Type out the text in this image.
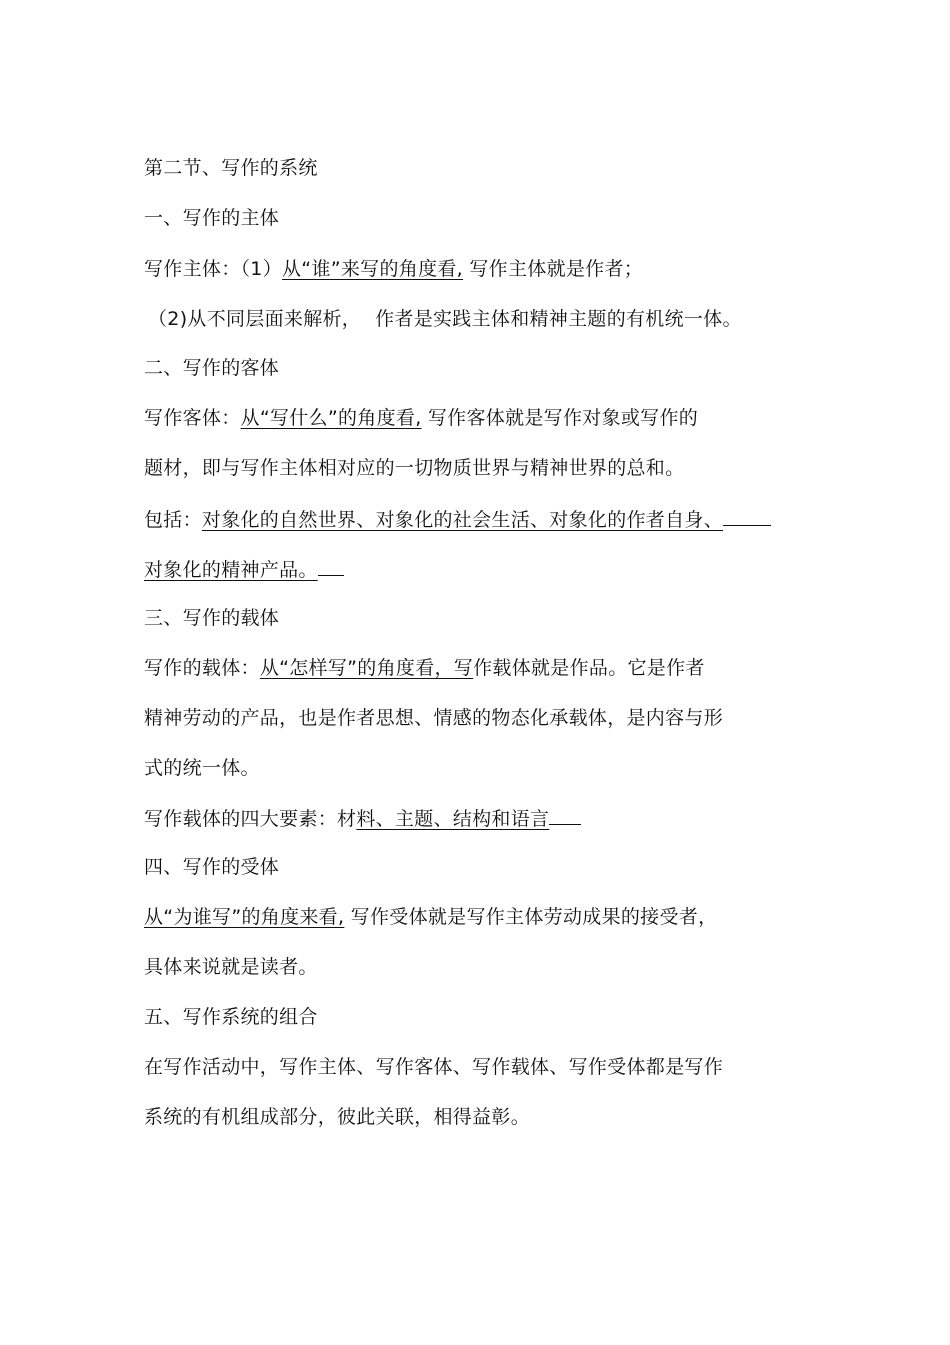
第二节、写作的系统
一、写作的主体
写作主体：（1）从“谁”来写的角度看, 写作主体就是作者；
（2)从不同层面来解析， 作者是实践主体和精神主题的有机统一体。
二、写作的客体
写作客体：从“写什么”的角度看, 写作客体就是写作对象或写作的
题材，即与写作主体相对应的一切物质世界与精神世界的总和。
包括：对象化的自然世界、对象化的社会生活、对象化的作者自身、
对象化的精神产品。
三、写作的载体
写作的载体：从“怎样写”的角度看，写作载体就是作品。它是作者
精神劳动的产品，也是作者思想、情感的物态化承载体，是内容与形
式的统一体。
写作载体的四大要素：材料、主题、结构和语言
四、写作的受体
从“为谁写”的角度来看, 写作受体就是写作主体劳动成果的接受者，
具体来说就是读者。
五、写作系统的组合
在写作活动中，写作主体、写作客体、写作载体、写作受体都是写作
系统的有机组成部分，彼此关联，相得益彰。
